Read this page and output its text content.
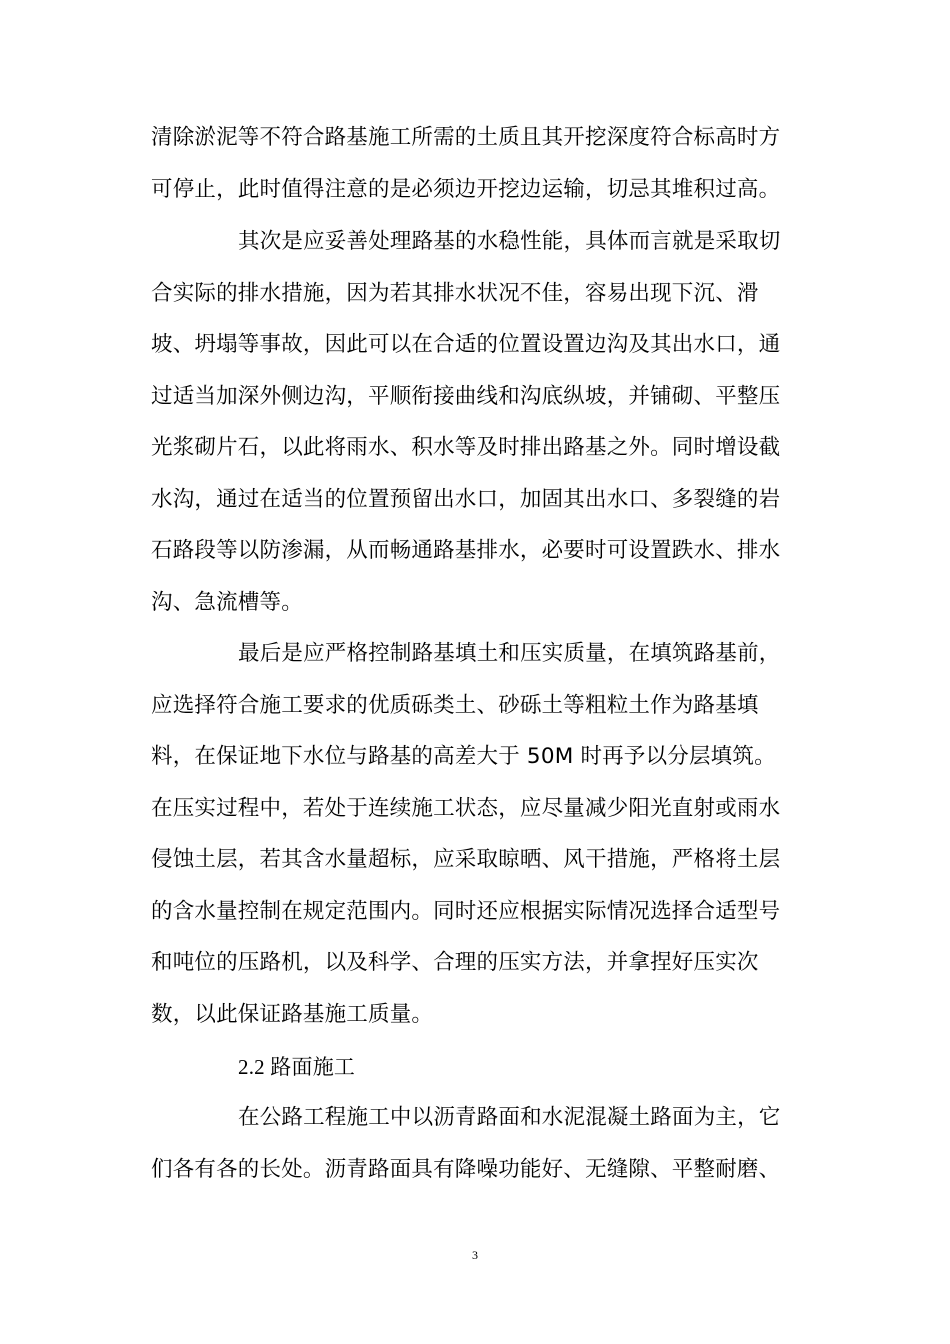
清除淤泥等不符合路基施工所需的土质且其开挖深度符合标高时方
可停止，此时值得注意的是必须边开挖边运输，切忌其堆积过高。
其次是应妥善处理路基的水稳性能，具体而言就是采取切
合实际的排水措施，因为若其排水状况不佳，容易出现下沉、滑
坡、坍塌等事故，因此可以在合适的位置设置边沟及其出水口，通
过适当加深外侧边沟，平顺衔接曲线和沟底纵坡，并铺砌、平整压
光浆砌片石，以此将雨水、积水等及时排出路基之外。同时增设截
水沟，通过在适当的位置预留出水口，加固其出水口、多裂缝的岩
石路段等以防渗漏，从而畅通路基排水，必要时可设置跌水、排水
沟、急流槽等。
最后是应严格控制路基填土和压实质量，在填筑路基前，
应选择符合施工要求的优质砾类土、砂砾土等粗粒土作为路基填
料，在保证地下水位与路基的高差大于 50M 时再予以分层填筑。
在压实过程中，若处于连续施工状态，应尽量减少阳光直射或雨水
侵蚀土层，若其含水量超标，应采取晾晒、风干措施，严格将土层
的含水量控制在规定范围内。同时还应根据实际情况选择合适型号
和吨位的压路机，以及科学、合理的压实方法，并拿捏好压实次
数，以此保证路基施工质量。
2.2 路面施工
在公路工程施工中以沥青路面和水泥混凝土路面为主，它
们各有各的长处。沥青路面具有降噪功能好、无缝隙、平整耐磨、
3
